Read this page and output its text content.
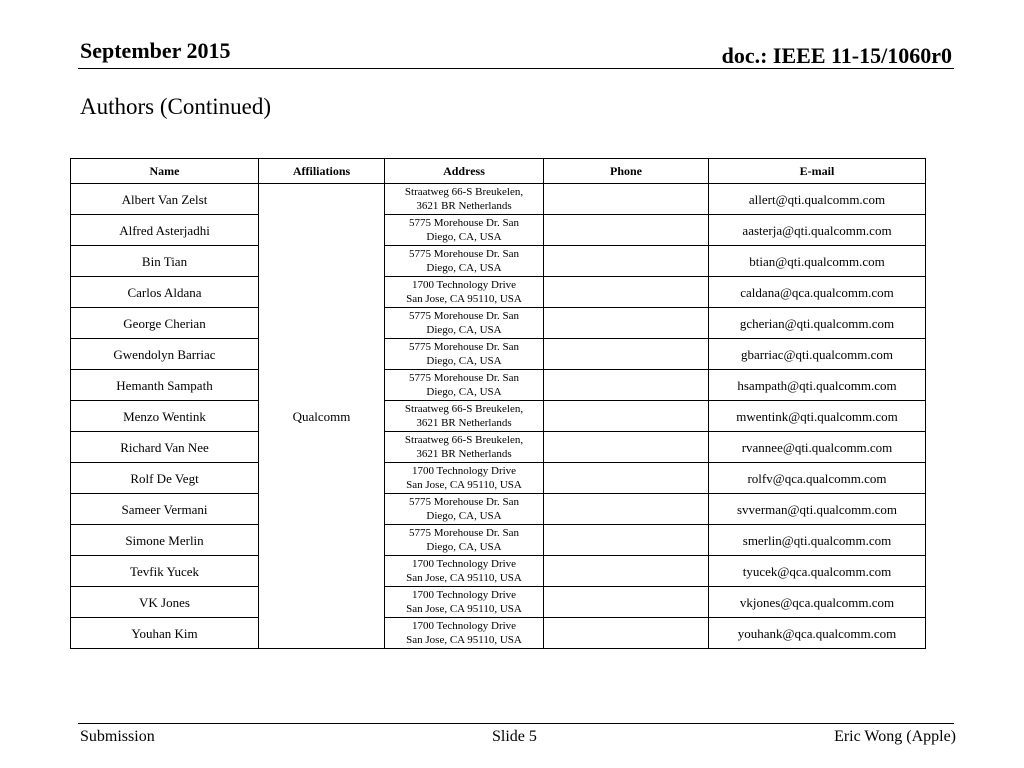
September 2015	doc.: IEEE 11-15/1060r0
Authors (Continued)
Name	Affiliations	Address	Phone	E-mail
Albert Van Zelst	Qualcomm	Straatweg 66-S Breukelen,
3621 BR Netherlands		allert@qti.qualcomm.com
Alfred Asterjadhi		5775 Morehouse Dr. San
Diego, CA, USA		aasterja@qti.qualcomm.com
Bin Tian		5775 Morehouse Dr. San
Diego, CA, USA		btian@qti.qualcomm.com
Carlos Aldana		1700 Technology Drive
San Jose, CA 95110, USA		caldana@qca.qualcomm.com
George Cherian		5775 Morehouse Dr. San
Diego, CA, USA		gcherian@qti.qualcomm.com
Gwendolyn Barriac		5775 Morehouse Dr. San
Diego, CA, USA		gbarriac@qti.qualcomm.com
Hemanth Sampath		5775 Morehouse Dr. San
Diego, CA, USA		hsampath@qti.qualcomm.com
Menzo Wentink		Straatweg 66-S Breukelen,
3621 BR Netherlands		mwentink@qti.qualcomm.com
Richard Van Nee		Straatweg 66-S Breukelen,
3621 BR Netherlands		rvannee@qti.qualcomm.com
Rolf De Vegt		1700 Technology Drive
San Jose, CA 95110, USA		rolfv@qca.qualcomm.com
Sameer Vermani		5775 Morehouse Dr. San
Diego, CA, USA		svverman@qti.qualcomm.com
Simone Merlin		5775 Morehouse Dr. San
Diego, CA, USA		smerlin@qti.qualcomm.com
Tevfik Yucek		1700 Technology Drive
San Jose, CA 95110, USA		tyucek@qca.qualcomm.com
VK Jones		1700 Technology Drive
San Jose, CA 95110, USA		vkjones@qca.qualcomm.com
Youhan Kim		1700 Technology Drive
San Jose, CA 95110, USA		youhank@qca.qualcomm.com
Submission	Slide 5	Eric Wong (Apple)
